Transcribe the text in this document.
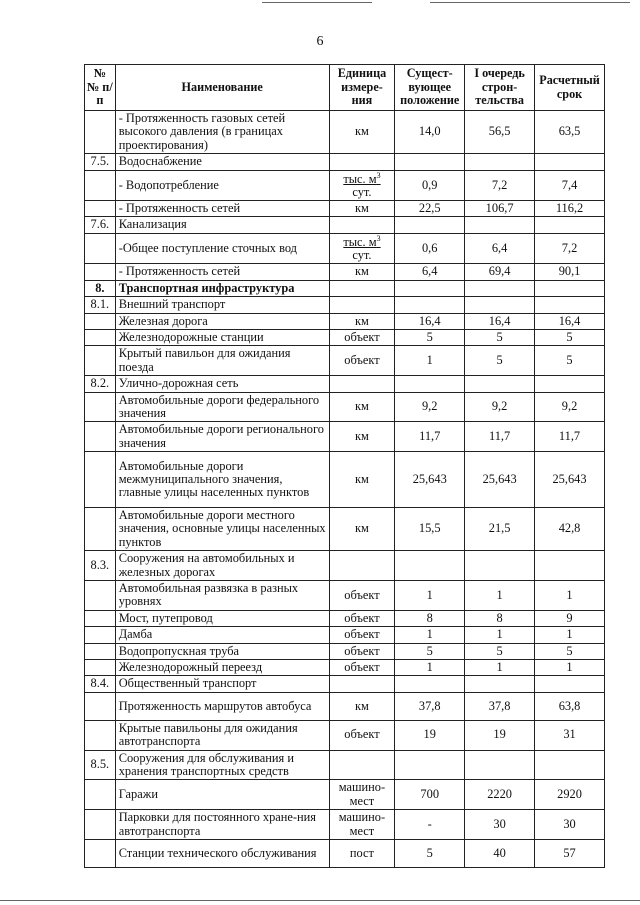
6
№ № п/п	Наименование	Единица измере-ния	Сущест-вующее положение	I очередь строн-тельства	Расчетный срок
	- Протяженность газовых сетей высокого давления (в границах проектирования)	км	14,0	56,5	63,5
7.5.	Водоснабжение				
	- Водопотребление	$\frac{тыс. м^3}{\text{сут.}}$	0,9	7,2	7,4
	- Протяженность сетей	км	22,5	106,7	116,2
7.6.	Канализация				
	-Общее поступление сточных вод	$\frac{тыс. м^3}{\text{сут.}}$	0,6	6,4	7,2
	- Протяженность сетей	км	6,4	69,4	90,1
8.	Транспортная инфраструктура				
8.1.	Внешний транспорт				
	Железная дорога	км	16,4	16,4	16,4
	Железнодорожные станции	объект	5	5	5
	Крытый павильон для ожидания поезда	объект	1	5	5
8.2.	Улично-дорожная сеть				
	Автомобильные дороги федерального значения	км	9,2	9,2	9,2
	Автомобильные дороги регионального значения	км	11,7	11,7	11,7
	Автомобильные дороги межмуниципального значения, главные улицы населенных пунктов	км	25,643	25,643	25,643
	Автомобильные дороги местного значения, основные улицы населенных пунктов	км	15,5	21,5	42,8
8.3.	Сооружения на автомобильных и железных дорогах				
	Автомобильная развязка в разных уровнях	объект	1	1	1
	Мост, путепровод	объект	8	8	9
	Дамба	объект	1	1	1
	Водопропускная труба	объект	5	5	5
	Железнодорожный переезд	объект	1	1	1
8.4.	Общественный транспорт				
	Протяженность маршрутов автобуса	км	37,8	37,8	63,8
	Крытые павильоны для ожидания автотранспорта	объект	19	19	31
8.5.	Сооружения для обслуживания и хранения транспортных средств				
	Гаражи	машино-мест	700	2220	2920
	Парковки для постоянного хране-ния автотранспорта	машино-мест	-	30	30
	Станции технического обслуживания	пост	5	40	57
